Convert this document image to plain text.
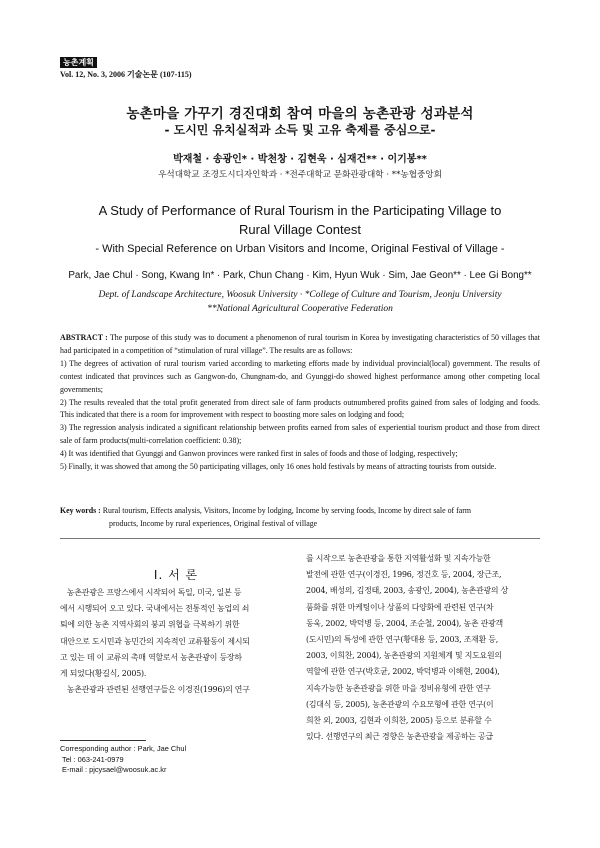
농촌계획
Vol. 12, No. 3, 2006 기술논문 (107-115)
농촌마을 가꾸기 경진대회 참여 마을의 농촌관광 성과분석
- 도시민 유치실적과 소득 및 고유 축제를 중심으로-
박재철 · 송광인* · 박천창 · 김현욱 · 심재건** · 이기봉**
우석대학교 조경도시디자인학과 · *전주대학교 문화관광대학 · **농협중앙회
A Study of Performance of Rural Tourism in the Participating Village to
Rural Village Contest
- With Special Reference on Urban Visitors and Income, Original Festival of Village -
Park, Jae Chul · Song, Kwang In* · Park, Chun Chang · Kim, Hyun Wuk · Sim, Jae Geon** · Lee Gi Bong**
Dept. of Landscape Architecture, Woosuk University · *College of Culture and Tourism, Jeonju University
**National Agricultural Cooperative Federation

ABSTRACT : The purpose of this study was to document a phenomenon of rural tourism in Korea by investigating characteristics of 50 villages that had participated in a competition of “stimulation of rural village”. The results are as follows:

1) The degrees of activation of rural tourism varied according to marketing efforts made by individual provincial(local) government. The results of contest indicated that provinces such as Gangwon-do, Chungnam-do, and Gyunggi-do showed highest performance among other competing local governments;

2) The results revealed that the total profit generated from direct sale of farm products outnumbered profits gained from sales of lodging and foods. This indicated that there is a room for improvement with respect to boosting more sales on lodging and food;

3) The regression analysis indicated a significant relationship between profits earned from sales of experiential tourism product and those from direct sale of farm products(multi-correlation coefficient: 0.38);

4) It was identified that Gyunggi and Ganwon provinces were ranked first in sales of foods and those of lodging, respectively;

5) Finally, it was showed that among the 50 participating villages, only 16 ones hold festivals by means of attracting tourists from outside.

Key words : Rural tourism, Effects analysis, Visitors, Income by lodging, Income by serving foods, Income by direct sale of farm
products, Income by rural experiences, Original festival of village
I. 서 론
농촌관광은 프랑스에서 시작되어 독일, 미국, 일본 등
에서 시행되어 오고 있다. 국내에서는 전통적인 농업의 쇠
퇴에 의한 농촌 지역사회의 붕괴 위협을 극복하기 위한
대안으로 도시민과 농민간의 지속적인 교류활동이 제시되
고 있는 데 이 교류의 촉매 역할로서 농촌관광이 등장하
게 되었다(황길식, 2005).
농촌관광과 관련된 선행연구들은 이경진(1996)의 연구
를 시작으로 농촌관광을 통한 지역활성화 및 지속가능한
발전에 관한 연구(이경진, 1996, 정건호 등, 2004, 장근조,
2004, 배성의, 김정태, 2003, 송광인, 2004), 농촌관광의 상
품화를 위한 마케팅이나 상품의 다양화에 관련된 연구(차
동욱, 2002, 박덕병 등, 2004, 조순철, 2004), 농촌 관광객
(도시민)의 특성에 관한 연구(황대용 등, 2003, 조재환 등,
2003, 이희찬, 2004), 농촌관광의 지원체계 및 지도요원의
역할에 관한 연구(박호균, 2002, 박덕병과 이해현, 2004),
지속가능한 농촌관광을 위한 마을 정비유형에 관한 연구
(김대식 등, 2005), 농촌관광의 수요모형에 관한 연구(이
희찬 외, 2003, 김현과 이희찬, 2005) 등으로 분류할 수
있다. 선행연구의 최근 경향은 농촌관광을 제공하는 공급
Corresponding author : Park, Jae Chul
Tel : 063-241-0979
E-mail : pjcysael@woosuk.ac.kr
